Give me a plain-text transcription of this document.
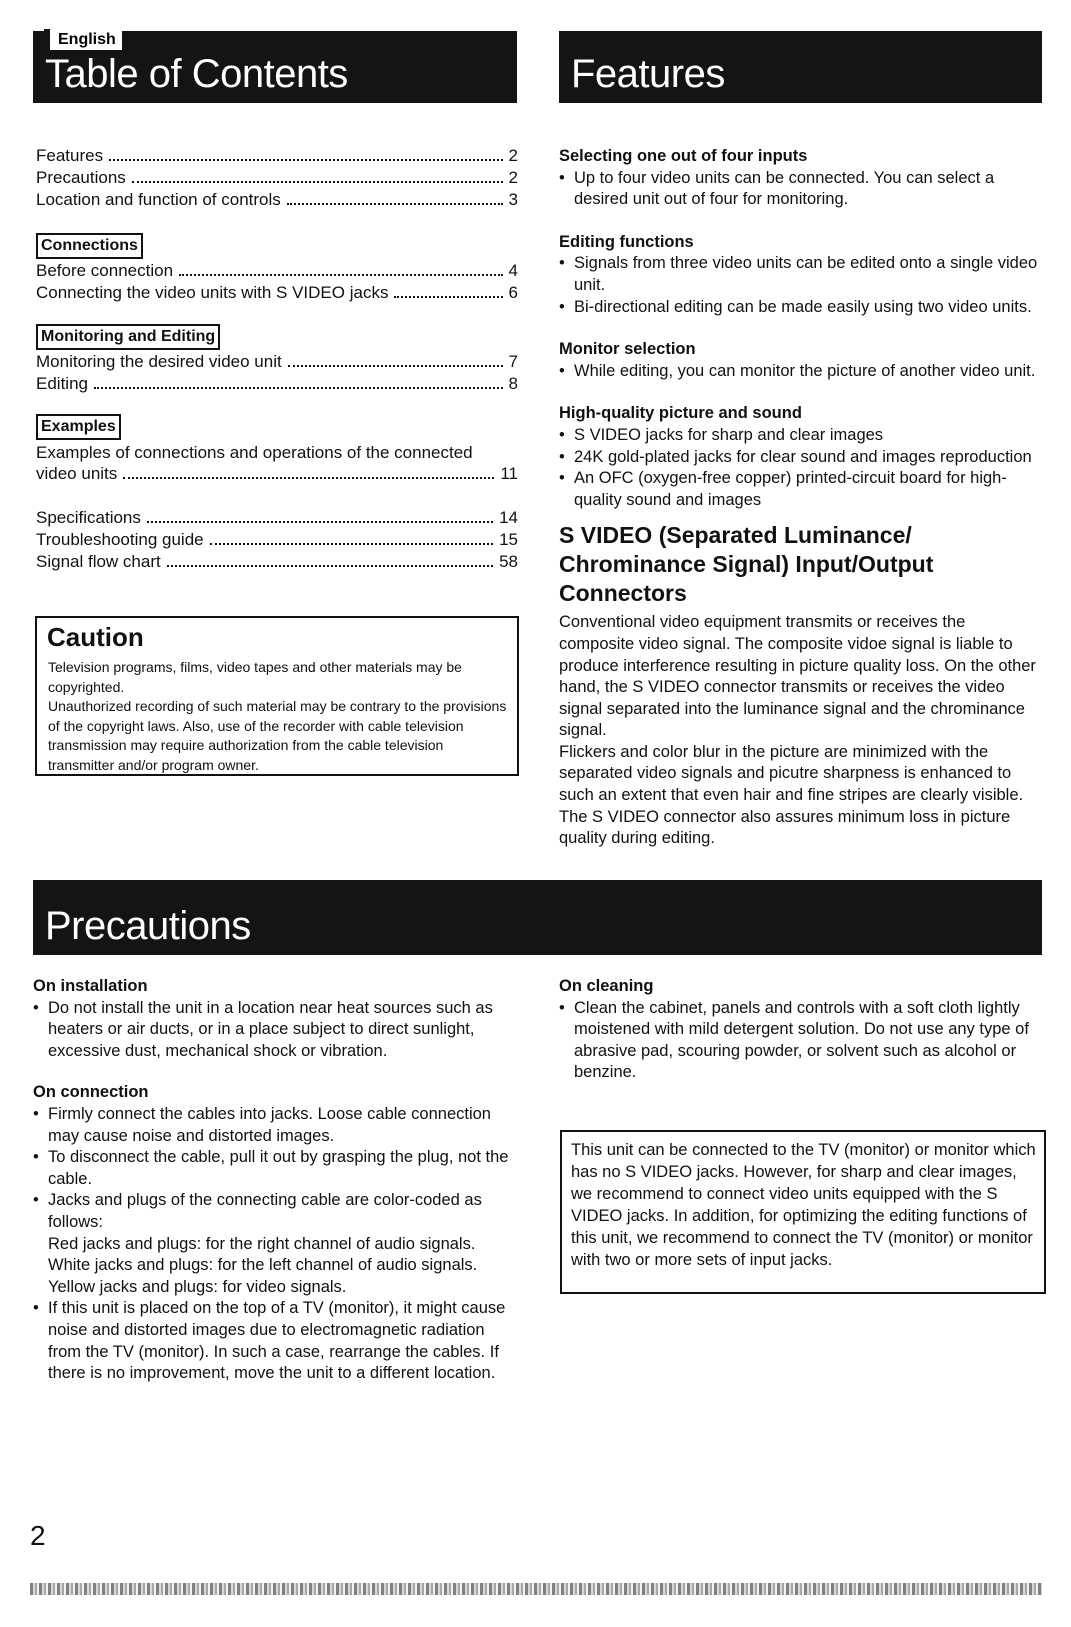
English
Table of Contents	Features
Precautions
Features	2
Precautions	2
Location and function of controls	3
Connections
Before connection	4
Connecting the video units with S VIDEO jacks	6
Monitoring and Editing
Monitoring the desired video unit	7
Editing	8
Examples
Examples of connections and operations of the connected
video units	11
Specifications	14
Troubleshooting guide	15
Signal flow chart	58
Caution
Television programs, films, video tapes and other materials may be copyrighted.
Unauthorized recording of such material may be contrary to the provisions of the copyright laws. Also, use of the recorder with cable television transmission may require authorization from the cable television transmitter and/or program owner.
Selecting one out of four inputs
• Up to four video units can be connected. You can select a desired unit out of four for monitoring.
Editing functions
• Signals from three video units can be edited onto a single video unit.
• Bi-directional editing can be made easily using two video units.
Monitor selection
• While editing, you can monitor the picture of another video unit.
High-quality picture and sound
• S VIDEO jacks for sharp and clear images
• 24K gold-plated jacks for clear sound and images reproduction
• An OFC (oxygen-free copper) printed-circuit board for high-quality sound and images
S VIDEO (Separated Luminance/ Chrominance Signal) Input/Output Connectors
Conventional video equipment transmits or receives the composite video signal. The composite vidoe signal is liable to produce interference resulting in picture quality loss. On the other hand, the S VIDEO connector transmits or receives the video signal separated into the luminance signal and the chrominance signal.
Flickers and color blur in the picture are minimized with the separated video signals and picutre sharpness is enhanced to such an extent that even hair and fine stripes are clearly visible. The S VIDEO connector also assures minimum loss in picture quality during editing.
On installation
• Do not install the unit in a location near heat sources such as heaters or air ducts, or in a place subject to direct sunlight, excessive dust, mechanical shock or vibration.
On connection
• Firmly connect the cables into jacks. Loose cable connection may cause noise and distorted images.
• To disconnect the cable, pull it out by grasping the plug, not the cable.
• Jacks and plugs of the connecting cable are color-coded as follows:
Red jacks and plugs: for the right channel of audio signals.
White jacks and plugs: for the left channel of audio signals.
Yellow jacks and plugs: for video signals.
• If this unit is placed on the top of a TV (monitor), it might cause noise and distorted images due to electromagnetic radiation from the TV (monitor). In such a case, rearrange the cables. If there is no improvement, move the unit to a different location.
On cleaning
• Clean the cabinet, panels and controls with a soft cloth lightly moistened with mild detergent solution. Do not use any type of abrasive pad, scouring powder, or solvent such as alcohol or benzine.
This unit can be connected to the TV (monitor) or monitor which has no S VIDEO jacks. However, for sharp and clear images, we recommend to connect video units equipped with the S VIDEO jacks. In addition, for optimizing the editing functions of this unit, we recommend to connect the TV (monitor) or monitor with two or more sets of input jacks.
2
